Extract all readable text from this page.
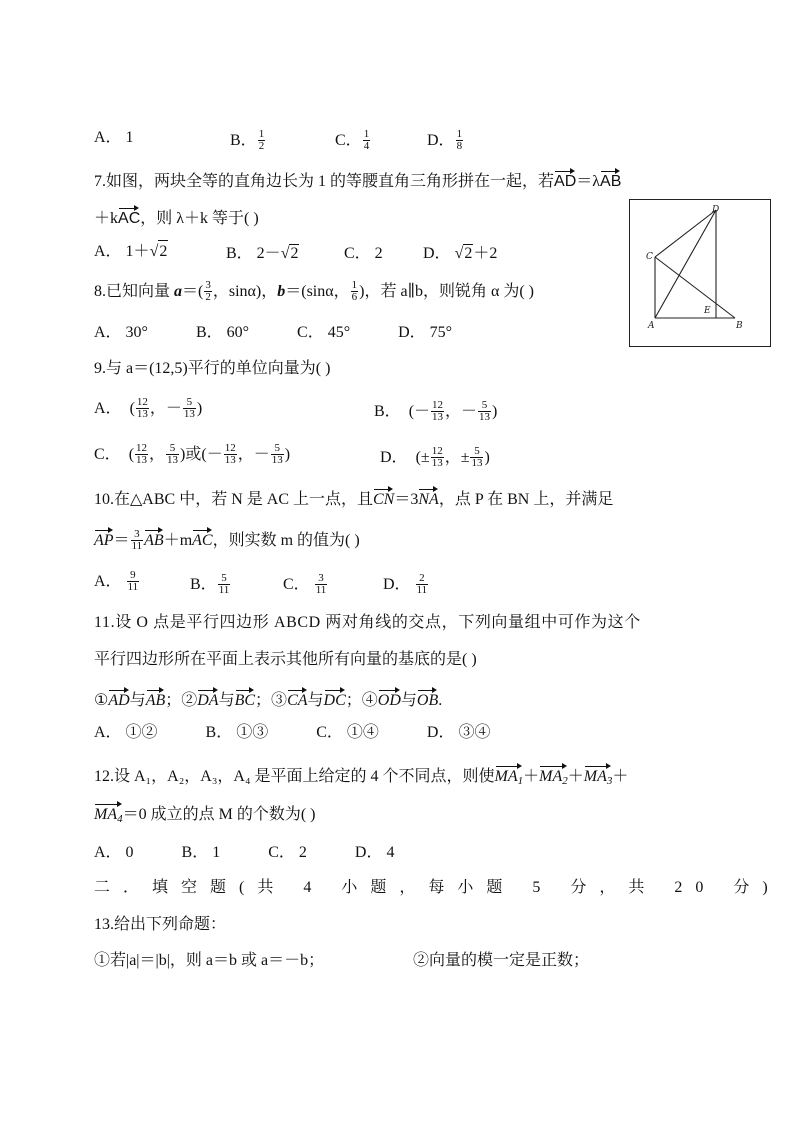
A． 1	B． $\frac{1}{2}$	C． $\frac{1}{4}$	D． $\frac{1}{8}$
7.如图，两块全等的直角边长为 1 的等腰直角三角形拼在一起，若AD＝λAB
＋kAC，则 λ＋k 等于( )
A． 1＋√2	B． 2－√2	C． 2	D． √2＋2
A	B
C
D
E
8.已知向量 $a=( \frac{3}{2}$ ，sinα)，b＝(sinα， $\frac{1}{6}$ )，若 a∥b，则锐角 α 为( )
A． 30°　　　B． 60°　　　C． 45°　　　D． 75°
9.与 a＝(12,5)平行的单位向量为( )
A．　( $\frac{12}{13}$ ，－ $\frac{5}{13}$ )	B．　(－ $\frac{12}{13}$ ，－ $\frac{5}{13}$ )
C．　( $\frac{12}{13}$ ， $\frac{5}{13}$ )或(－ $\frac{12}{13}$ ，－ $\frac{5}{13}$ )	D．　(± $\frac{12}{13}$ ，± $\frac{5}{13}$ )
10.在△ABC 中，若 N 是 AC 上一点，且CN＝3NA，点 P 在 BN 上，并满足
$AP= \frac{3}{11} AB+mAC$，则实数 m 的值为( )
A． $\frac{9}{11}$	B． $\frac{5}{11}$	C． $\frac{3}{11}$	D． $\frac{2}{11}$
11.设 O 点是平行四边形 ABCD 两对角线的交点，下列向量组中可作为这个
平行四边形所在平面上表示其他所有向量的基底的是( )
①AD与AB；②DA与BC；③CA与DC；④OD与OB.
A． ①②　　　B． ①③　　　C． ①④　　　D． ③④
12.设 A₁，A₂，A₃，A₄ 是平面上给定的 4 个不同点，则使$MA_1+MA_2+MA_3+$
$MA_4=0$ 成立的点 M 的个数为( )
A． 0　　　B． 1　　　C． 2　　　D． 4
二．填空题(共 4 小题，每小题 5 分，共 20 分)
13.给出下列命题：
①若|a|＝|b|，则 a＝b 或 a＝－b；	②向量的模一定是正数；
